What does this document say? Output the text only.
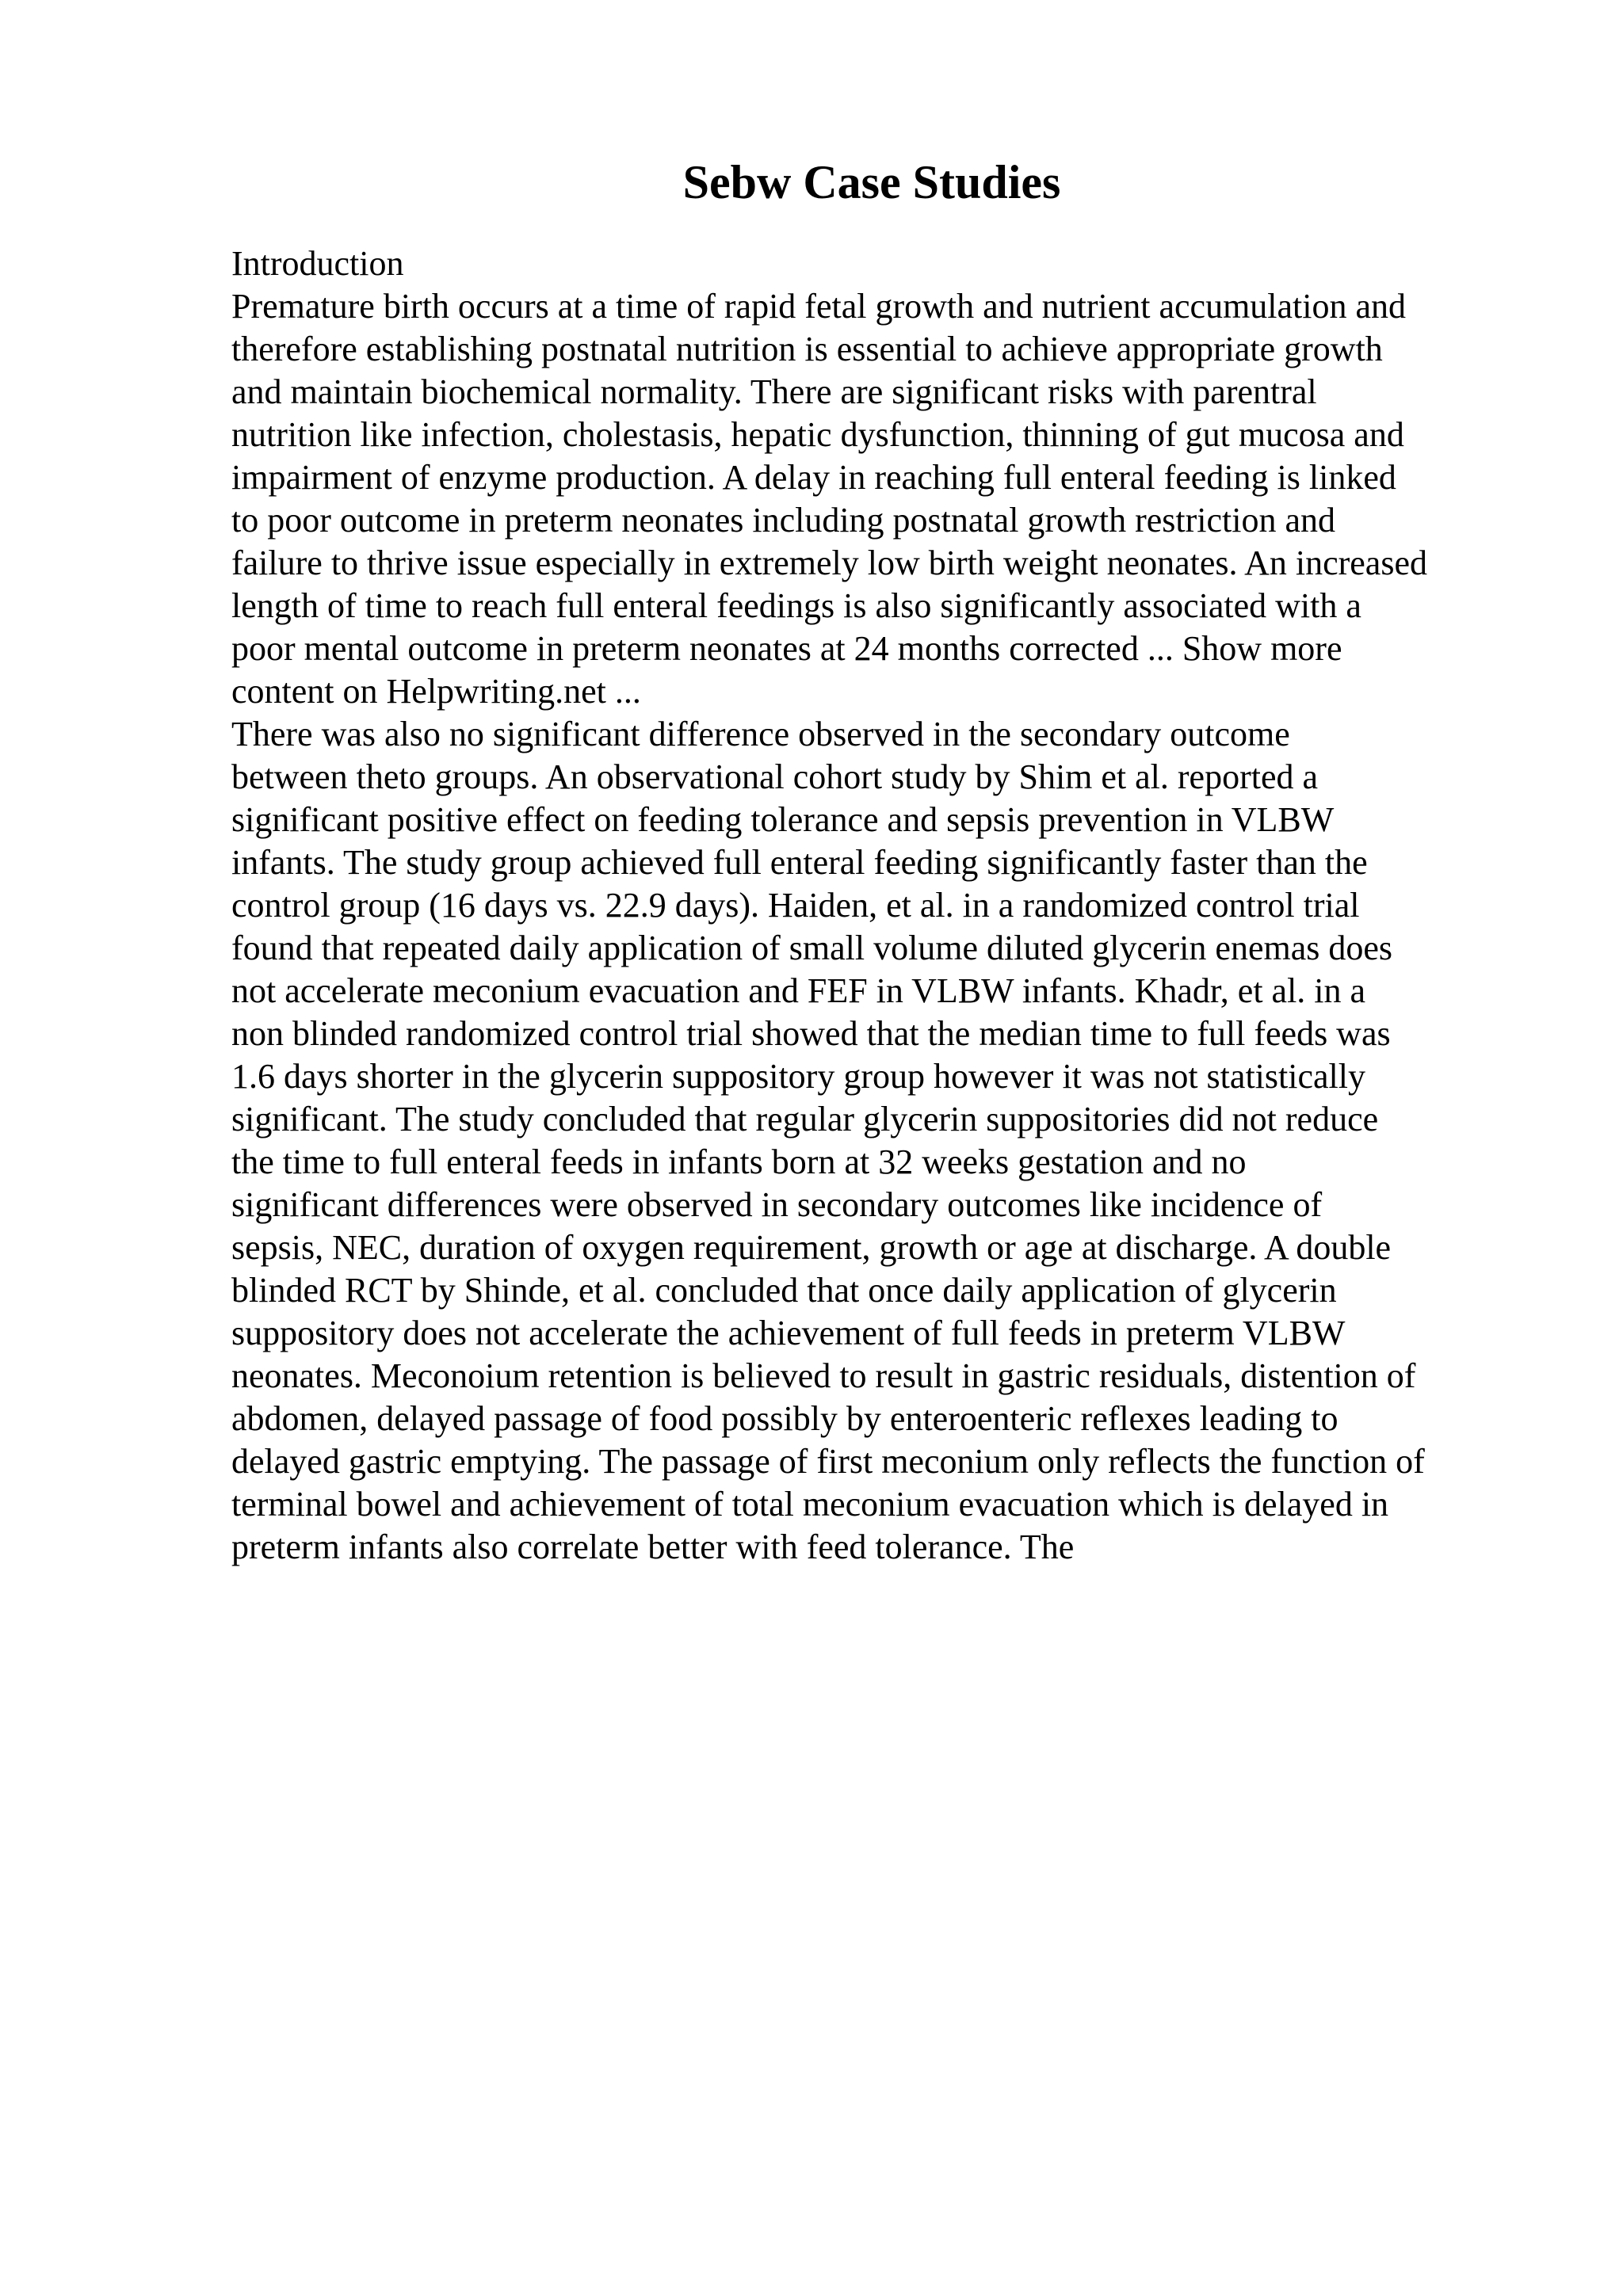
Sebw Case Studies

Introduction

Premature birth occurs at a time of rapid fetal growth and nutrient accumulation and

therefore establishing postnatal nutrition is essential to achieve appropriate growth

and maintain biochemical normality. There are significant risks with parentral

nutrition like infection, cholestasis, hepatic dysfunction, thinning of gut mucosa and

impairment of enzyme production. A delay in reaching full enteral feeding is linked

to poor outcome in preterm neonates including postnatal growth restriction and

failure to thrive issue especially in extremely low birth weight neonates. An increased

length of time to reach full enteral feedings is also significantly associated with a

poor mental outcome in preterm neonates at 24 months corrected ... Show more

content on Helpwriting.net ...

There was also no significant difference observed in the secondary outcome

between theto groups. An observational cohort study by Shim et al. reported a

significant positive effect on feeding tolerance and sepsis prevention in VLBW

infants. The study group achieved full enteral feeding significantly faster than the

control group (16 days vs. 22.9 days). Haiden, et al. in a randomized control trial

found that repeated daily application of small volume diluted glycerin enemas does

not accelerate meconium evacuation and FEF in VLBW infants. Khadr, et al. in a

non blinded randomized control trial showed that the median time to full feeds was

1.6 days shorter in the glycerin suppository group however it was not statistically

significant. The study concluded that regular glycerin suppositories did not reduce

the time to full enteral feeds in infants born at 32 weeks gestation and no

significant differences were observed in secondary outcomes like incidence of

sepsis, NEC, duration of oxygen requirement, growth or age at discharge. A double

blinded RCT by Shinde, et al. concluded that once daily application of glycerin

suppository does not accelerate the achievement of full feeds in preterm VLBW

neonates. Meconoium retention is believed to result in gastric residuals, distention of

abdomen, delayed passage of food possibly by enteroenteric reflexes leading to

delayed gastric emptying. The passage of first meconium only reflects the function of

terminal bowel and achievement of total meconium evacuation which is delayed in

preterm infants also correlate better with feed tolerance. The
